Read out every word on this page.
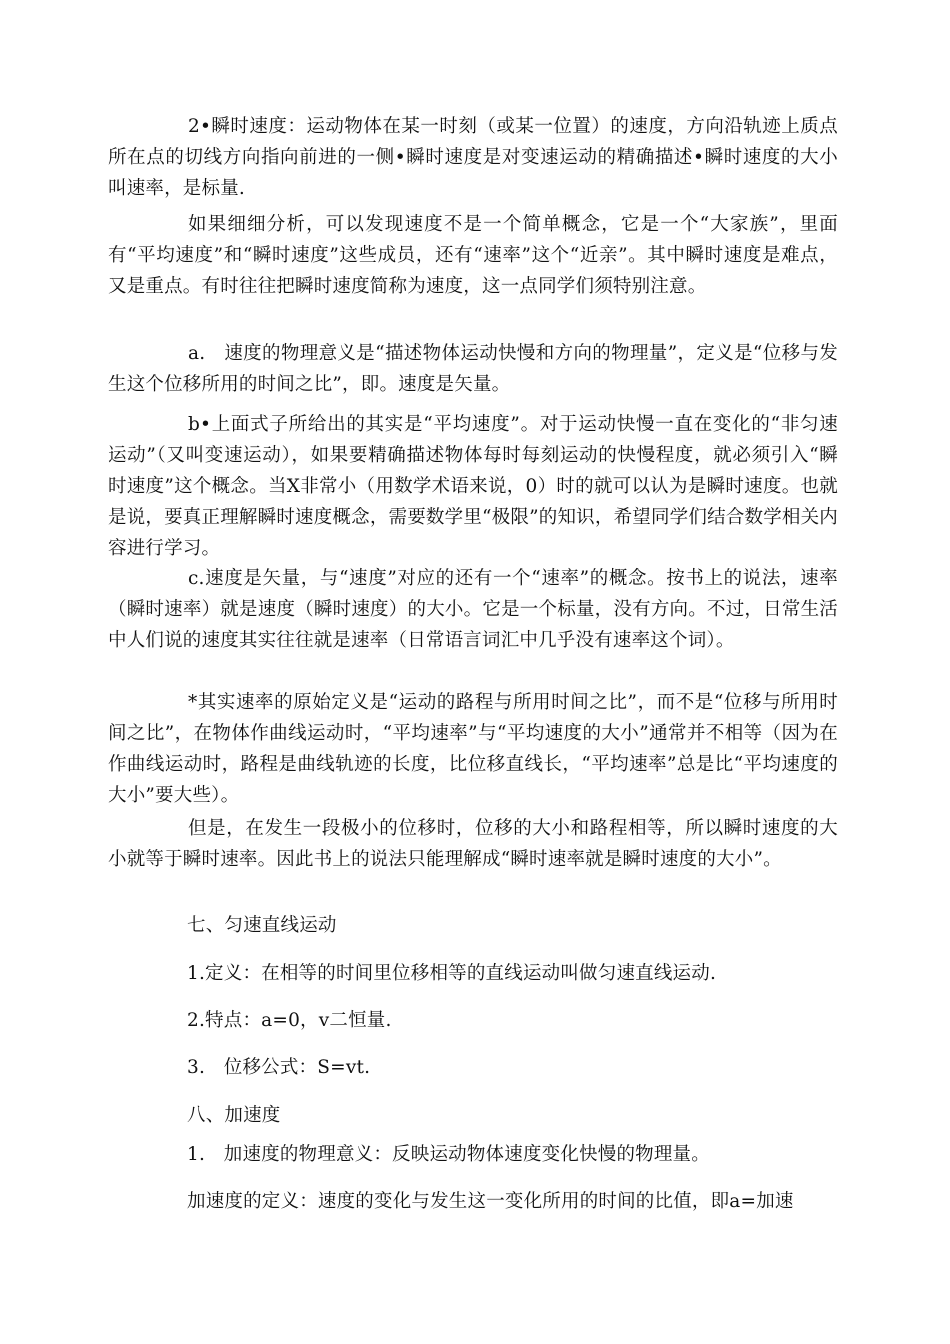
2•瞬时速度：运动物体在某一时刻（或某一位置）的速度，方向沿轨迹上质点所在点的切线方向指向前进的一侧•瞬时速度是对变速运动的精确描述•瞬时速度的大小叫速率，是标量.

如果细细分析，可以发现速度不是一个简单概念，它是一个“大家族”，里面有“平均速度”和“瞬时速度”这些成员，还有“速率”这个“近亲”。其中瞬时速度是难点，又是重点。有时往往把瞬时速度简称为速度，这一点同学们须特别注意。

a.　速度的物理意义是“描述物体运动快慢和方向的物理量”，定义是“位移与发生这个位移所用的时间之比”，即。速度是矢量。

b•上面式子所给出的其实是“平均速度”。对于运动快慢一直在变化的“非匀速运动”（又叫变速运动），如果要精确描述物体每时每刻运动的快慢程度，就必须引入“瞬时速度”这个概念。当X非常小（用数学术语来说，0）时的就可以认为是瞬时速度。也就是说，要真正理解瞬时速度概念，需要数学里“极限”的知识，希望同学们结合数学相关内容进行学习。

c.速度是矢量，与“速度”对应的还有一个“速率”的概念。按书上的说法，速率（瞬时速率）就是速度（瞬时速度）的大小。它是一个标量，没有方向。不过，日常生活中人们说的速度其实往往就是速率（日常语言词汇中几乎没有速率这个词）。

*其实速率的原始定义是“运动的路程与所用时间之比”，而不是“位移与所用时间之比”，在物体作曲线运动时，“平均速率”与“平均速度的大小”通常并不相等（因为在作曲线运动时，路程是曲线轨迹的长度，比位移直线长，“平均速率”总是比“平均速度的大小”要大些）。

但是，在发生一段极小的位移时，位移的大小和路程相等，所以瞬时速度的大小就等于瞬时速率。因此书上的说法只能理解成“瞬时速率就是瞬时速度的大小”。

七、匀速直线运动

1.定义：在相等的时间里位移相等的直线运动叫做匀速直线运动.

2.特点：a=0，v二恒量.

3.　位移公式：S=vt.

八、加速度

1.　加速度的物理意义：反映运动物体速度变化快慢的物理量。

加速度的定义：速度的变化与发生这一变化所用的时间的比值，即a=加速
